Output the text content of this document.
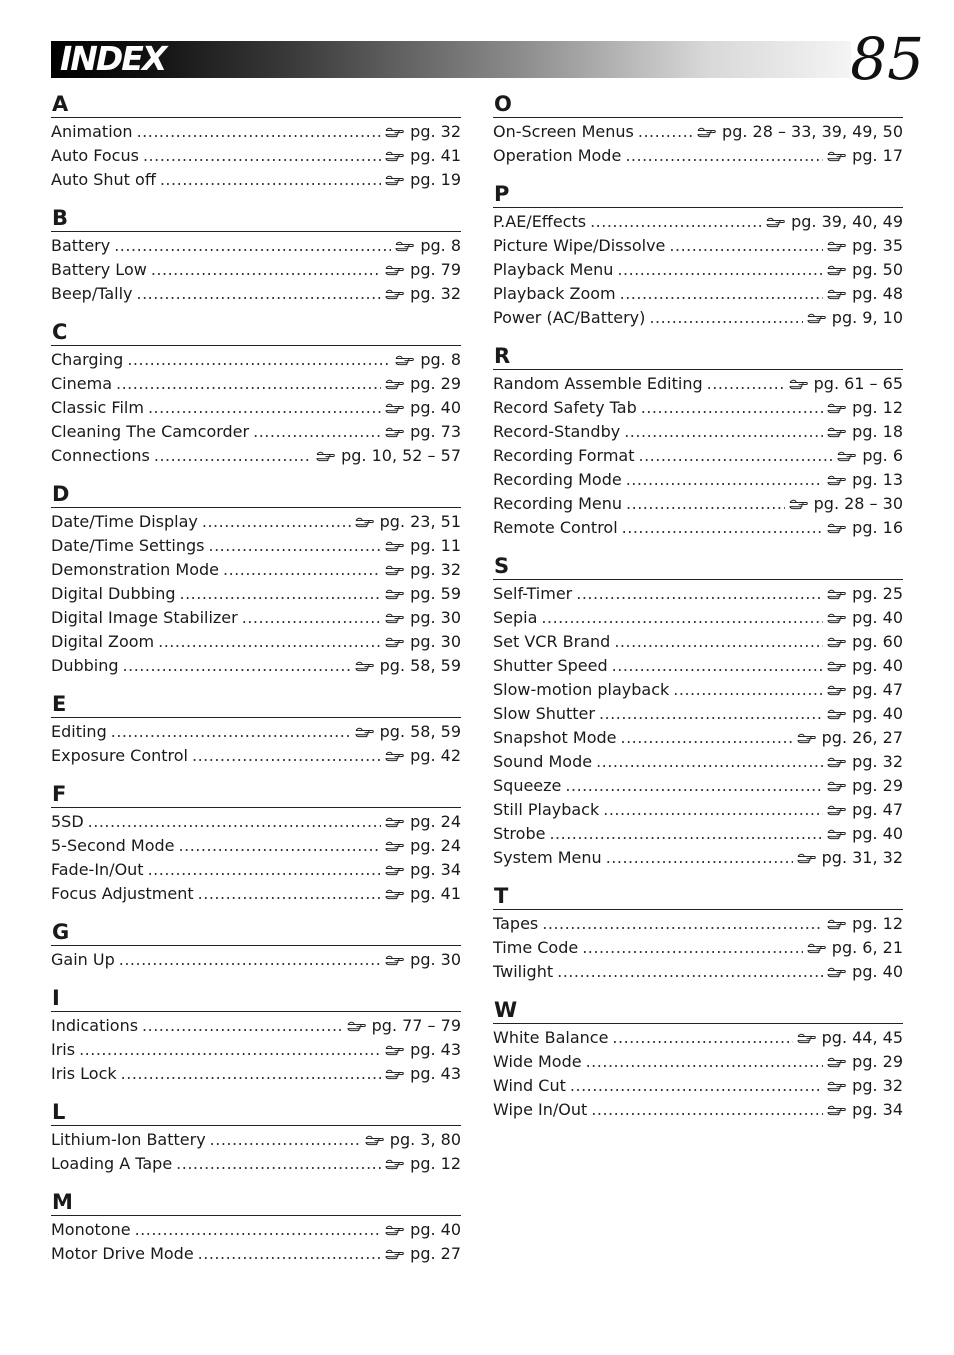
INDEX	85
A
Animation .....	pg. 32
Auto Focus .....	pg. 41
Auto Shut off .....	pg. 19
B
Battery .....	pg. 8
Battery Low .....	pg. 79
Beep/Tally .....	pg. 32
C
Charging .....	pg. 8
Cinema .....	pg. 29
Classic Film .....	pg. 40
Cleaning The Camcorder .....	pg. 73
Connections .....	pg. 10, 52 – 57
D
Date/Time Display .....	pg. 23, 51
Date/Time Settings .....	pg. 11
Demonstration Mode .....	pg. 32
Digital Dubbing .....	pg. 59
Digital Image Stabilizer .....	pg. 30
Digital Zoom .....	pg. 30
Dubbing .....	pg. 58, 59
E
Editing .....	pg. 58, 59
Exposure Control .....	pg. 42
F
5SD .....	pg. 24
5-Second Mode .....	pg. 24
Fade-In/Out .....	pg. 34
Focus Adjustment .....	pg. 41
G
Gain Up .....	pg. 30
I
Indications .....	pg. 77 – 79
Iris .....	pg. 43
Iris Lock .....	pg. 43
L
Lithium-Ion Battery .....	pg. 3, 80
Loading A Tape .....	pg. 12
M
Monotone .....	pg. 40
Motor Drive Mode .....	pg. 27
O
On-Screen Menus .....	pg. 28 – 33, 39, 49, 50
Operation Mode .....	pg. 17
P
P.AE/Effects .....	pg. 39, 40, 49
Picture Wipe/Dissolve .....	pg. 35
Playback Menu .....	pg. 50
Playback Zoom .....	pg. 48
Power (AC/Battery) .....	pg. 9, 10
R
Random Assemble Editing .....	pg. 61 – 65
Record Safety Tab .....	pg. 12
Record-Standby .....	pg. 18
Recording Format .....	pg. 6
Recording Mode .....	pg. 13
Recording Menu .....	pg. 28 – 30
Remote Control .....	pg. 16
S
Self-Timer .....	pg. 25
Sepia .....	pg. 40
Set VCR Brand .....	pg. 60
Shutter Speed .....	pg. 40
Slow-motion playback .....	pg. 47
Slow Shutter .....	pg. 40
Snapshot Mode .....	pg. 26, 27
Sound Mode .....	pg. 32
Squeeze .....	pg. 29
Still Playback .....	pg. 47
Strobe .....	pg. 40
System Menu .....	pg. 31, 32
T
Tapes .....	pg. 12
Time Code .....	pg. 6, 21
Twilight .....	pg. 40
W
White Balance .....	pg. 44, 45
Wide Mode .....	pg. 29
Wind Cut .....	pg. 32
Wipe In/Out .....	pg. 34
